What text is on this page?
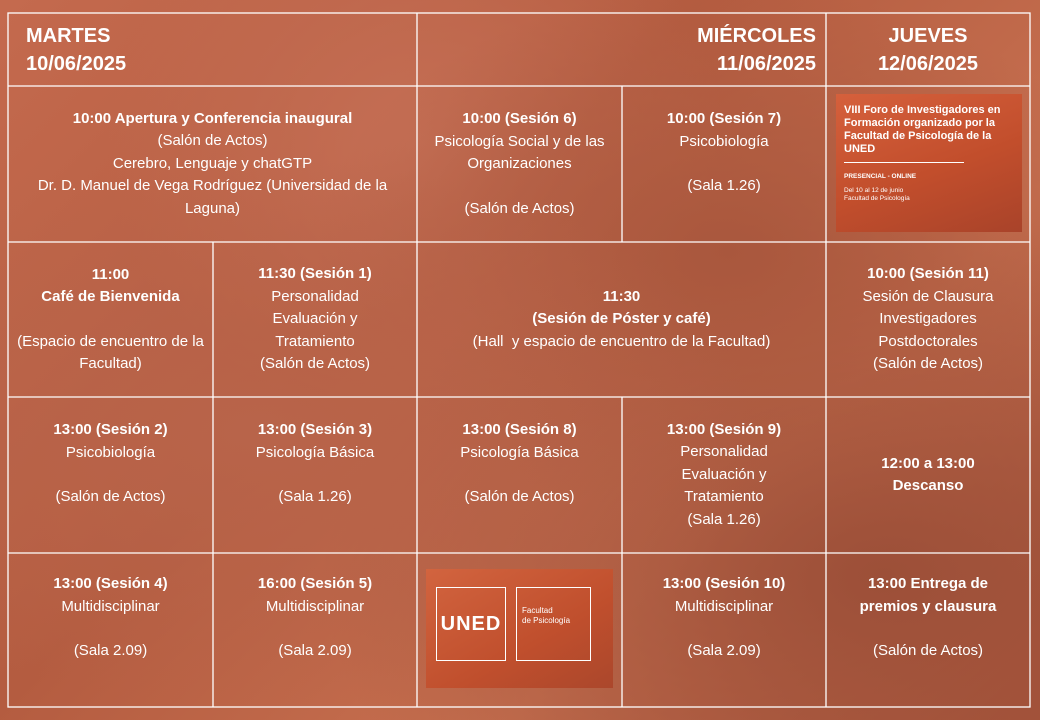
MARTES
10/06/2025
MIÉRCOLES
11/06/2025
JUEVES
12/06/2025
10:00 Apertura y Conferencia inaugural
(Salón de Actos)
Cerebro, Lenguaje y chatGTP
Dr. D. Manuel de Vega Rodríguez (Universidad de la Laguna)
10:00 (Sesión 6)
Psicología Social y de las Organizaciones
(Salón de Actos)
10:00 (Sesión 7)
Psicobiología
(Sala 1.26)
VIII Foro de Investigadores en Formación organizado por la Facultad de Psicología de la UNED
PRESENCIAL - ONLINE
Del 10 al 12 de junio
Facultad de Psicología
11:00
Café de Bienvenida
(Espacio de encuentro de la Facultad)
11:30 (Sesión 1)
Personalidad Evaluación y Tratamiento
(Salón de Actos)
11:30
(Sesión de Póster y café)
(Hall  y espacio de encuentro de la Facultad)
10:00 (Sesión 11)
Sesión de Clausura Investigadores Postdoctorales
(Salón de Actos)
13:00 (Sesión 2)
Psicobiología
(Salón de Actos)
13:00 (Sesión 3)
Psicología Básica
(Sala 1.26)
13:00 (Sesión 8)
Psicología Básica
(Salón de Actos)
13:00 (Sesión 9)
Personalidad Evaluación y Tratamiento
(Sala 1.26)
12:00 a 13:00
Descanso
13:00 (Sesión 4)
Multidisciplinar
(Sala 2.09)
16:00 (Sesión 5)
Multidisciplinar
(Sala 2.09)
UNED
Facultad
de Psicología
13:00 (Sesión 10)
Multidisciplinar
(Sala 2.09)
13:00 Entrega de premios y clausura
(Salón de Actos)
